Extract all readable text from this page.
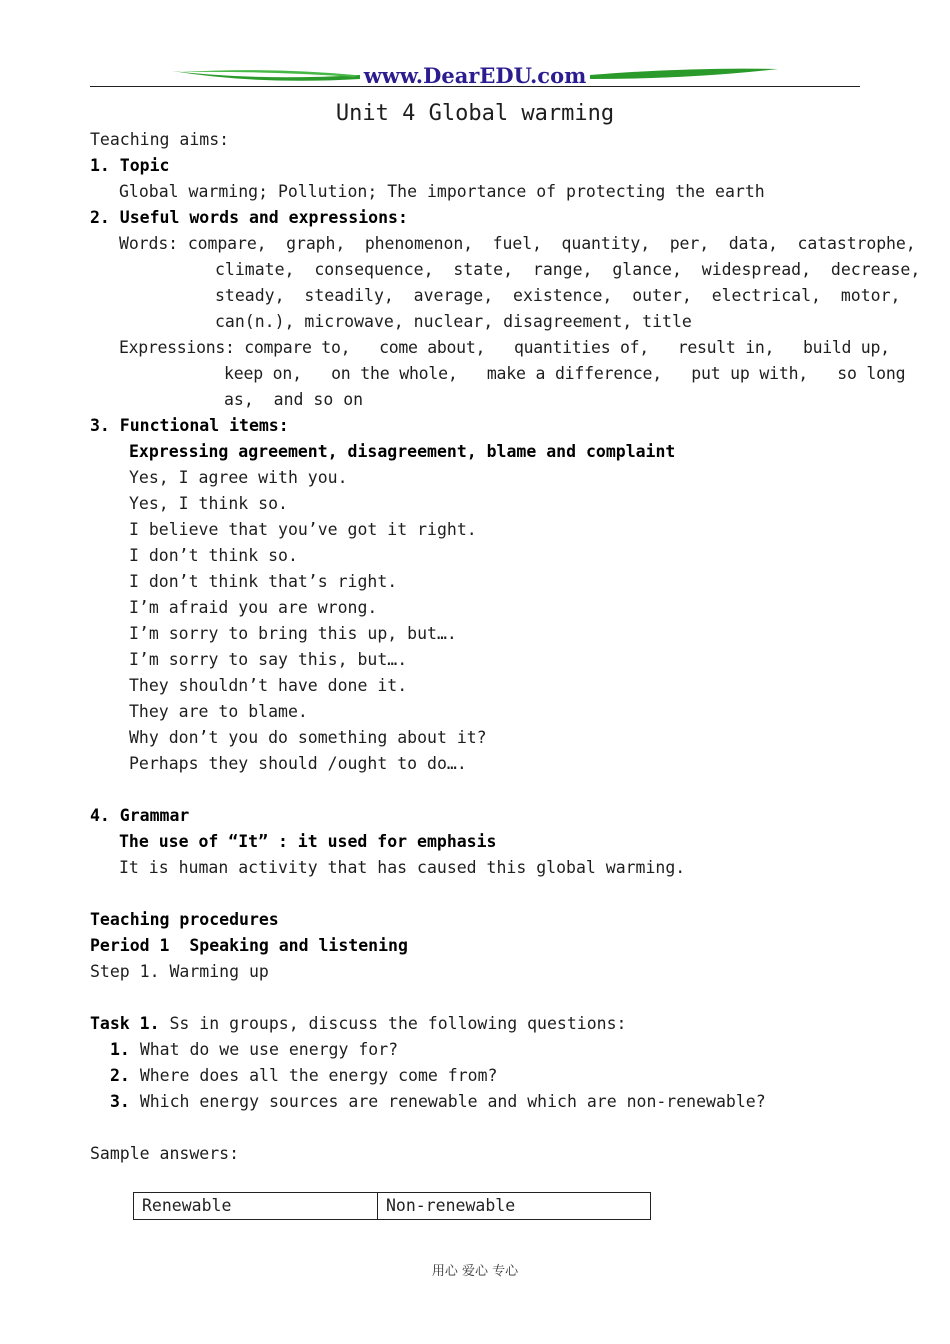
www.DearEDU.com
Unit 4 Global warming
Teaching aims:
1. Topic
Global warming; Pollution; The importance of protecting the earth
2. Useful words and expressions:
Words: compare,  graph,  phenomenon,  fuel,  quantity,  per,  data,  catastrophe,
climate,  consequence,  state,  range,  glance,  widespread,  decrease,
steady,  steadily,  average,  existence,  outer,  electrical,  motor,
can(n.), microwave, nuclear, disagreement, title
Expressions: compare to,   come about,   quantities of,   result in,   build up,
keep on,   on the whole,   make a difference,   put up with,   so long
as,  and so on
3. Functional items:
Expressing agreement, disagreement, blame and complaint
Yes, I agree with you.
Yes, I think so.
I believe that you’ve got it right.
I don’t think so.
I don’t think that’s right.
I’m afraid you are wrong.
I’m sorry to bring this up, but….
I’m sorry to say this, but….
They shouldn’t have done it.
They are to blame.
Why don’t you do something about it?
Perhaps they should /ought to do….
4. Grammar
The use of “It” : it used for emphasis
It is human activity that has caused this global warming.
Teaching procedures
Period 1  Speaking and listening
Step 1. Warming up
Task 1. Ss in groups, discuss the following questions:
1. What do we use energy for?
2. Where does all the energy come from?
3. Which energy sources are renewable and which are non-renewable?
Sample answers:
Renewable	Non-renewable
用心 爱心 专心
